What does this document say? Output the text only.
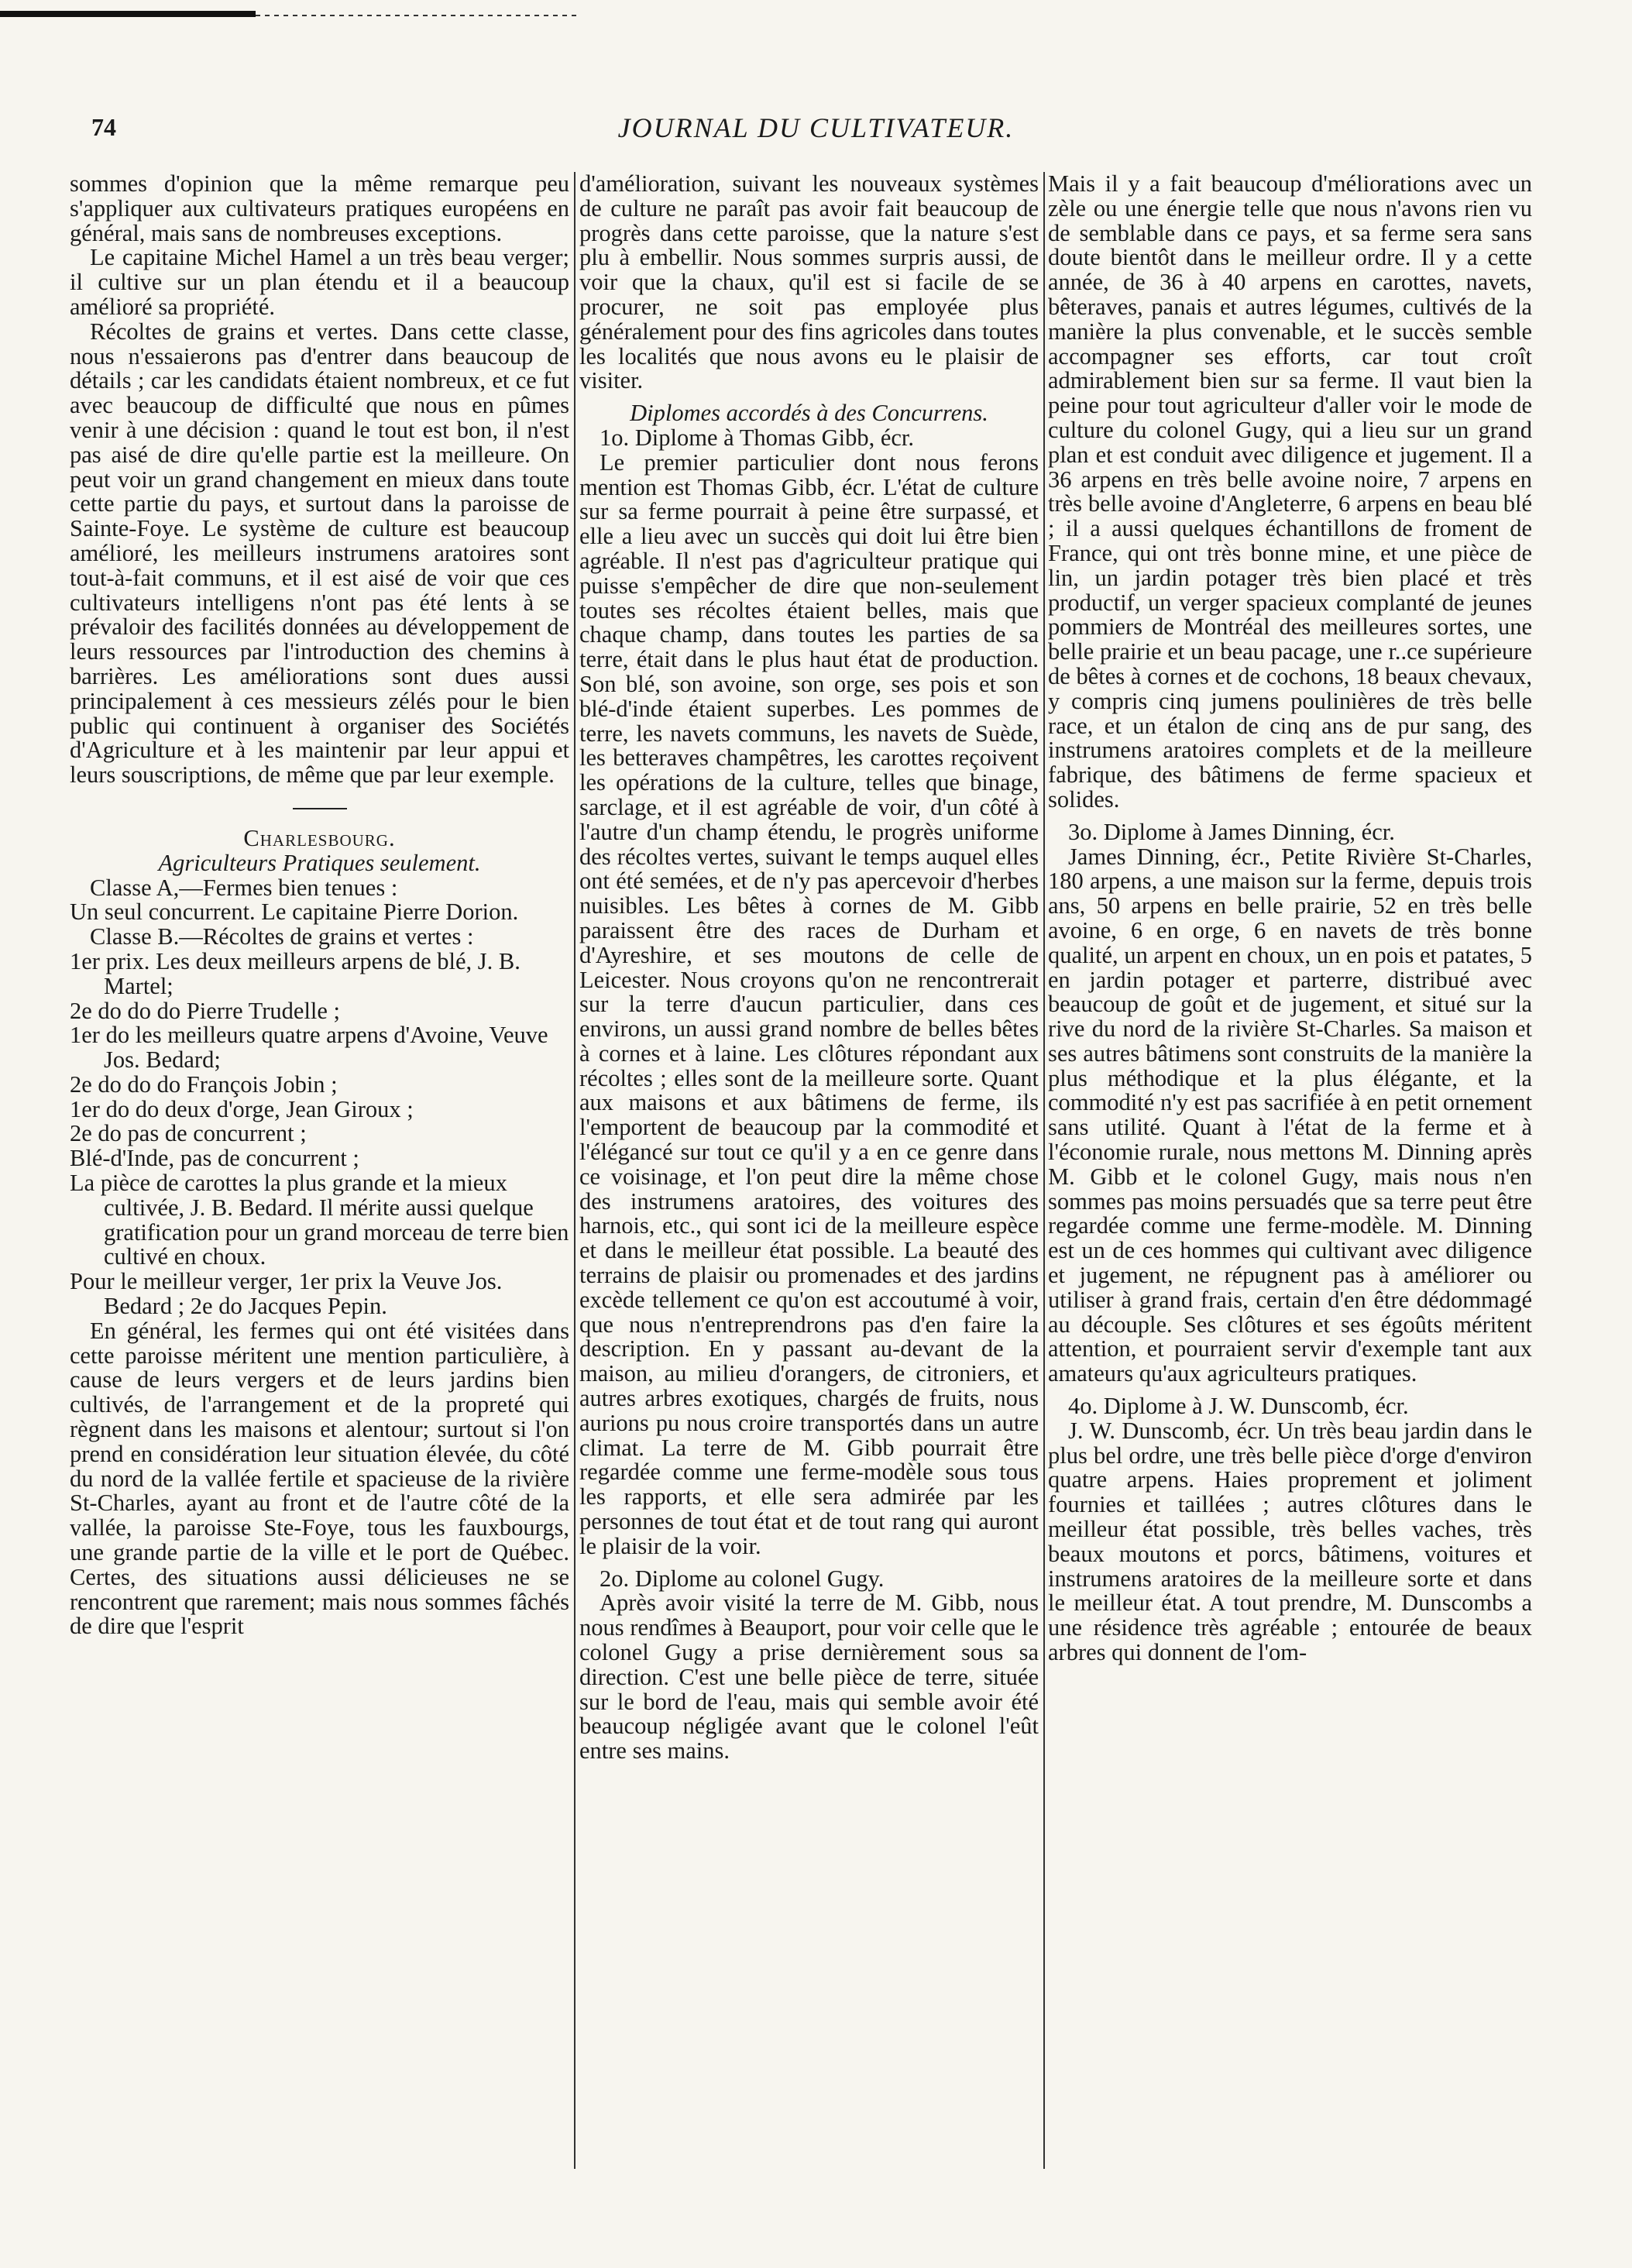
74	JOURNAL DU CULTIVATEUR.

sommes d'opinion que la même remarque peu s'appliquer aux cultivateurs pratiques européens en général, mais sans de nombreuses exceptions.

Le capitaine Michel Hamel a un très beau verger; il cultive sur un plan étendu et il a beaucoup amélioré sa propriété.

Récoltes de grains et vertes. Dans cette classe, nous n'essaierons pas d'entrer dans beaucoup de détails ; car les candidats étaient nombreux, et ce fut avec beaucoup de difficulté que nous en pûmes venir à une décision : quand le tout est bon, il n'est pas aisé de dire qu'elle partie est la meilleure. On peut voir un grand changement en mieux dans toute cette partie du pays, et surtout dans la paroisse de Sainte-Foye. Le système de culture est beaucoup amélioré, les meilleurs instrumens aratoires sont tout-à-fait communs, et il est aisé de voir que ces cultivateurs intelligens n'ont pas été lents à se prévaloir des facilités données au développement de leurs ressources par l'introduction des chemins à barrières. Les améliorations sont dues aussi principalement à ces messieurs zélés pour le bien public qui continuent à organiser des Sociétés d'Agriculture et à les maintenir par leur appui et leurs souscriptions, de même que par leur exemple.

Charlesbourg.

Agriculteurs Pratiques seulement.

Classe A,—Fermes bien tenues :

Un seul concurrent. Le capitaine Pierre Dorion.

Classe B.—Récoltes de grains et vertes :

1er prix. Les deux meilleurs arpens de blé, J. B. Martel;

2e do do do Pierre Trudelle ;

1er do les meilleurs quatre arpens d'Avoine, Veuve Jos. Bedard;

2e do do do François Jobin ;

1er do do deux d'orge, Jean Giroux ;

2e do pas de concurrent ;

Blé-d'Inde, pas de concurrent ;

La pièce de carottes la plus grande et la mieux cultivée, J. B. Bedard. Il mérite aussi quelque gratification pour un grand morceau de terre bien cultivé en choux.

Pour le meilleur verger, 1er prix la Veuve Jos. Bedard ; 2e do Jacques Pepin.

En général, les fermes qui ont été visitées dans cette paroisse méritent une mention particulière, à cause de leurs vergers et de leurs jardins bien cultivés, de l'arrangement et de la propreté qui règnent dans les maisons et alentour; surtout si l'on prend en considération leur situation élevée, du côté du nord de la vallée fertile et spacieuse de la rivière St-Charles, ayant au front et de l'autre côté de la vallée, la paroisse Ste-Foye, tous les fauxbourgs, une grande partie de la ville et le port de Québec. Certes, des situations aussi délicieuses ne se rencontrent que rarement; mais nous sommes fâchés de dire que l'esprit

d'amélioration, suivant les nouveaux systèmes de culture ne paraît pas avoir fait beaucoup de progrès dans cette paroisse, que la nature s'est plu à embellir. Nous sommes surpris aussi, de voir que la chaux, qu'il est si facile de se procurer, ne soit pas employée plus généralement pour des fins agricoles dans toutes les localités que nous avons eu le plaisir de visiter.

Diplomes accordés à des Concurrens.

1o. Diplome à Thomas Gibb, écr.

Le premier particulier dont nous ferons mention est Thomas Gibb, écr. L'état de culture sur sa ferme pourrait à peine être surpassé, et elle a lieu avec un succès qui doit lui être bien agréable. Il n'est pas d'agriculteur pratique qui puisse s'empêcher de dire que non-seulement toutes ses récoltes étaient belles, mais que chaque champ, dans toutes les parties de sa terre, était dans le plus haut état de production. Son blé, son avoine, son orge, ses pois et son blé-d'inde étaient superbes. Les pommes de terre, les navets communs, les navets de Suède, les betteraves champêtres, les carottes reçoivent les opérations de la culture, telles que binage, sarclage, et il est agréable de voir, d'un côté à l'autre d'un champ étendu, le progrès uniforme des récoltes vertes, suivant le temps auquel elles ont été semées, et de n'y pas apercevoir d'herbes nuisibles. Les bêtes à cornes de M. Gibb paraissent être des races de Durham et d'Ayreshire, et ses moutons de celle de Leicester. Nous croyons qu'on ne rencontrerait sur la terre d'aucun particulier, dans ces environs, un aussi grand nombre de belles bêtes à cornes et à laine. Les clôtures répondant aux récoltes ; elles sont de la meilleure sorte. Quant aux maisons et aux bâtimens de ferme, ils l'emportent de beaucoup par la commodité et l'élégancé sur tout ce qu'il y a en ce genre dans ce voisinage, et l'on peut dire la même chose des instrumens aratoires, des voitures des harnois, etc., qui sont ici de la meilleure espèce et dans le meilleur état possible. La beauté des terrains de plaisir ou promenades et des jardins excède tellement ce qu'on est accoutumé à voir, que nous n'entreprendrons pas d'en faire la description. En y passant au-devant de la maison, au milieu d'orangers, de citroniers, et autres arbres exotiques, chargés de fruits, nous aurions pu nous croire transportés dans un autre climat. La terre de M. Gibb pourrait être regardée comme une ferme-modèle sous tous les rapports, et elle sera admirée par les personnes de tout état et de tout rang qui auront le plaisir de la voir.

2o. Diplome au colonel Gugy.

Après avoir visité la terre de M. Gibb, nous nous rendîmes à Beauport, pour voir celle que le colonel Gugy a prise dernièrement sous sa direction. C'est une belle pièce de terre, située sur le bord de l'eau, mais qui semble avoir été beaucoup négligée avant que le colonel l'eût entre ses mains.

Mais il y a fait beaucoup d'méliorations avec un zèle ou une énergie telle que nous n'avons rien vu de semblable dans ce pays, et sa ferme sera sans doute bientôt dans le meilleur ordre. Il y a cette année, de 36 à 40 arpens en carottes, navets, bêteraves, panais et autres légumes, cultivés de la manière la plus convenable, et le succès semble accompagner ses efforts, car tout croît admirablement bien sur sa ferme. Il vaut bien la peine pour tout agriculteur d'aller voir le mode de culture du colonel Gugy, qui a lieu sur un grand plan et est conduit avec diligence et jugement. Il a 36 arpens en très belle avoine noire, 7 arpens en très belle avoine d'Angleterre, 6 arpens en beau blé ; il a aussi quelques échantillons de froment de France, qui ont très bonne mine, et une pièce de lin, un jardin potager très bien placé et très productif, un verger spacieux complanté de jeunes pommiers de Montréal des meilleures sortes, une belle prairie et un beau pacage, une r..ce supérieure de bêtes à cornes et de cochons, 18 beaux chevaux, y compris cinq jumens poulinières de très belle race, et un étalon de cinq ans de pur sang, des instrumens aratoires complets et de la meilleure fabrique, des bâtimens de ferme spacieux et solides.

3o. Diplome à James Dinning, écr.

James Dinning, écr., Petite Rivière St-Charles, 180 arpens, a une maison sur la ferme, depuis trois ans, 50 arpens en belle prairie, 52 en très belle avoine, 6 en orge, 6 en navets de très bonne qualité, un arpent en choux, un en pois et patates, 5 en jardin potager et parterre, distribué avec beaucoup de goût et de jugement, et situé sur la rive du nord de la rivière St-Charles. Sa maison et ses autres bâtimens sont construits de la manière la plus méthodique et la plus élégante, et la commodité n'y est pas sacrifiée à en petit ornement sans utilité. Quant à l'état de la ferme et à l'économie rurale, nous mettons M. Dinning après M. Gibb et le colonel Gugy, mais nous n'en sommes pas moins persuadés que sa terre peut être regardée comme une ferme-modèle. M. Dinning est un de ces hommes qui cultivant avec diligence et jugement, ne répugnent pas à améliorer ou utiliser à grand frais, certain d'en être dédommagé au découple. Ses clôtures et ses égoûts méritent attention, et pourraient servir d'exemple tant aux amateurs qu'aux agriculteurs pratiques.

4o. Diplome à J. W. Dunscomb, écr.

J. W. Dunscomb, écr. Un très beau jardin dans le plus bel ordre, une très belle pièce d'orge d'environ quatre arpens. Haies proprement et joliment fournies et taillées ; autres clôtures dans le meilleur état possible, très belles vaches, très beaux moutons et porcs, bâtimens, voitures et instrumens aratoires de la meilleure sorte et dans le meilleur état. A tout prendre, M. Dunscombs a une résidence très agréable ; entourée de beaux arbres qui donnent de l'om-
